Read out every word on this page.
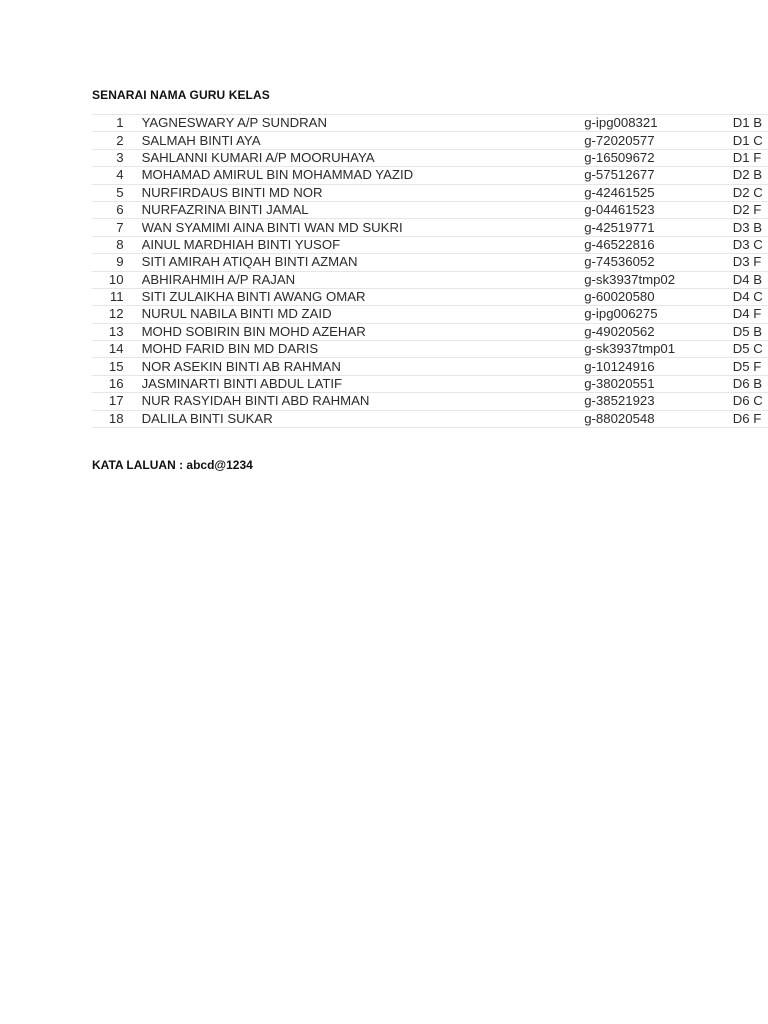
SENARAI NAMA GURU KELAS
1	YAGNESWARY A/P SUNDRAN	g-ipg008321	D1 B
2	SALMAH BINTI AYA	g-72020577	D1 C
3	SAHLANNI KUMARI A/P MOORUHAYA	g-16509672	D1 F
4	MOHAMAD AMIRUL BIN MOHAMMAD YAZID	g-57512677	D2 B
5	NURFIRDAUS BINTI MD NOR	g-42461525	D2 C
6	NURFAZRINA BINTI JAMAL	g-04461523	D2 F
7	WAN SYAMIMI AINA BINTI WAN MD SUKRI	g-42519771	D3 B
8	AINUL MARDHIAH BINTI YUSOF	g-46522816	D3 C
9	SITI AMIRAH ATIQAH BINTI AZMAN	g-74536052	D3 F
10	ABHIRAHMIH A/P RAJAN	g-sk3937tmp02	D4 B
11	SITI ZULAIKHA BINTI AWANG OMAR	g-60020580	D4 C
12	NURUL NABILA BINTI MD ZAID	g-ipg006275	D4 F
13	MOHD SOBIRIN BIN MOHD AZEHAR	g-49020562	D5 B
14	MOHD FARID BIN MD DARIS	g-sk3937tmp01	D5 C
15	NOR ASEKIN BINTI AB RAHMAN	g-10124916	D5 F
16	JASMINARTI BINTI ABDUL LATIF	g-38020551	D6 B
17	NUR RASYIDAH BINTI ABD RAHMAN	g-38521923	D6 C
18	DALILA BINTI SUKAR	g-88020548	D6 F
KATA LALUAN : abcd@1234
